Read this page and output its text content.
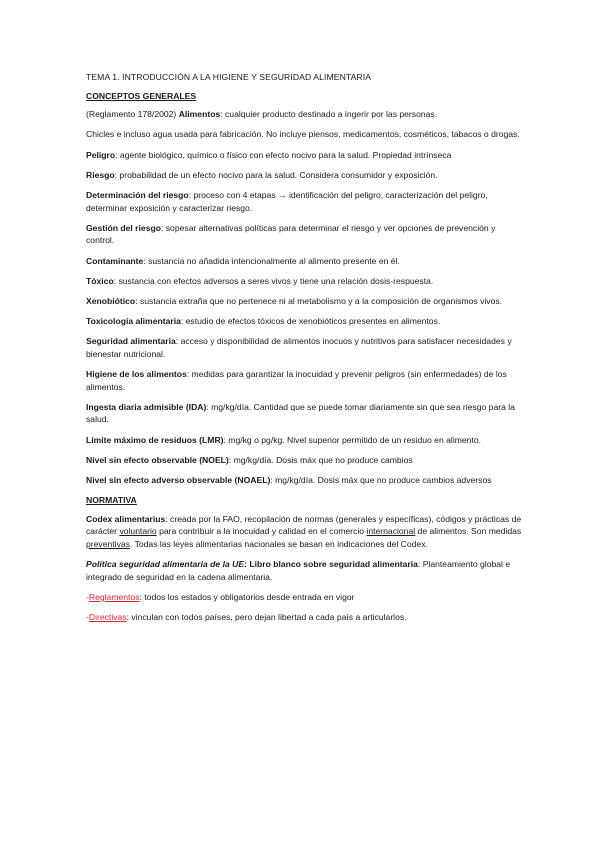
TEMA 1. INTRODUCCIÓN A LA HIGIENE Y SEGURIDAD ALIMENTARIA
CONCEPTOS GENERALES
(Reglamento 178/2002) Alimentos: cualquier producto destinado a ingerir por las personas.
Chicles e incluso agua usada para fabricación. No incluye piensos, medicamentos, cosméticos, tabacos o drogas.
Peligro: agente biológico, químico o físico con efecto nocivo para la salud. Propiedad intrínseca
Riesgo: probabilidad de un efecto nocivo para la salud. Considera consumidor y exposición.
Determinación del riesgo: proceso con 4 etapas → identificación del peligro, caracterización del peligro, determinar exposición y caracterizar riesgo.
Gestión del riesgo: sopesar alternativas políticas para determinar el riesgo y ver opciones de prevención y control.
Contaminante: sustancia no añadida intencionalmente al alimento presente en él.
Tóxico: sustancia con efectos adversos a seres vivos y tiene una relación dosis-respuesta.
Xenobiótico: sustancia extraña que no pertenece ni al metabolismo y a la composición de organismos vivos.
Toxicología alimentaria: estudio de efectos tóxicos de xenobióticos presentes en alimentos.
Seguridad alimentaria: acceso y disponibilidad de alimentos inocuos y nutritivos para satisfacer necesidades y bienestar nutricional.
Higiene de los alimentos: medidas para garantizar la inocuidad y prevenir peligros (sin enfermedades) de los alimentos.
Ingesta diaria admisible (IDA): mg/kg/día. Cantidad que se puede tomar diariamente sin que sea riesgo para la salud.
Límite máximo de residuos (LMR): mg/kg o pg/kg. Nivel superior permitido de un residuo en alimento.
Nivel sin efecto observable (NOEL): mg/kg/día. Dosis máx que no produce cambios
Nivel sin efecto adverso observable (NOAEL): mg/kg/día. Dosis máx que no produce cambios adversos
NORMATIVA
Codex alimentarius: creada por la FAO, recopilación de normas (generales y específicas), códigos y prácticas de carácter voluntario para contribuir a la inocuidad y calidad en el comercio internacional de alimentos. Son medidas preventivas. Todas las leyes alimentarias nacionales se basan en indicaciones del Codex.
Política seguridad alimentaria de la UE: Libro blanco sobre seguridad alimentaria: Planteamiento global e integrado de seguridad en la cadena alimentaria.
-Reglamentos: todos los estados y obligatorios desde entrada en vigor
-Directivas: vinculan con todos países, pero dejan libertad a cada país a articularlos.
